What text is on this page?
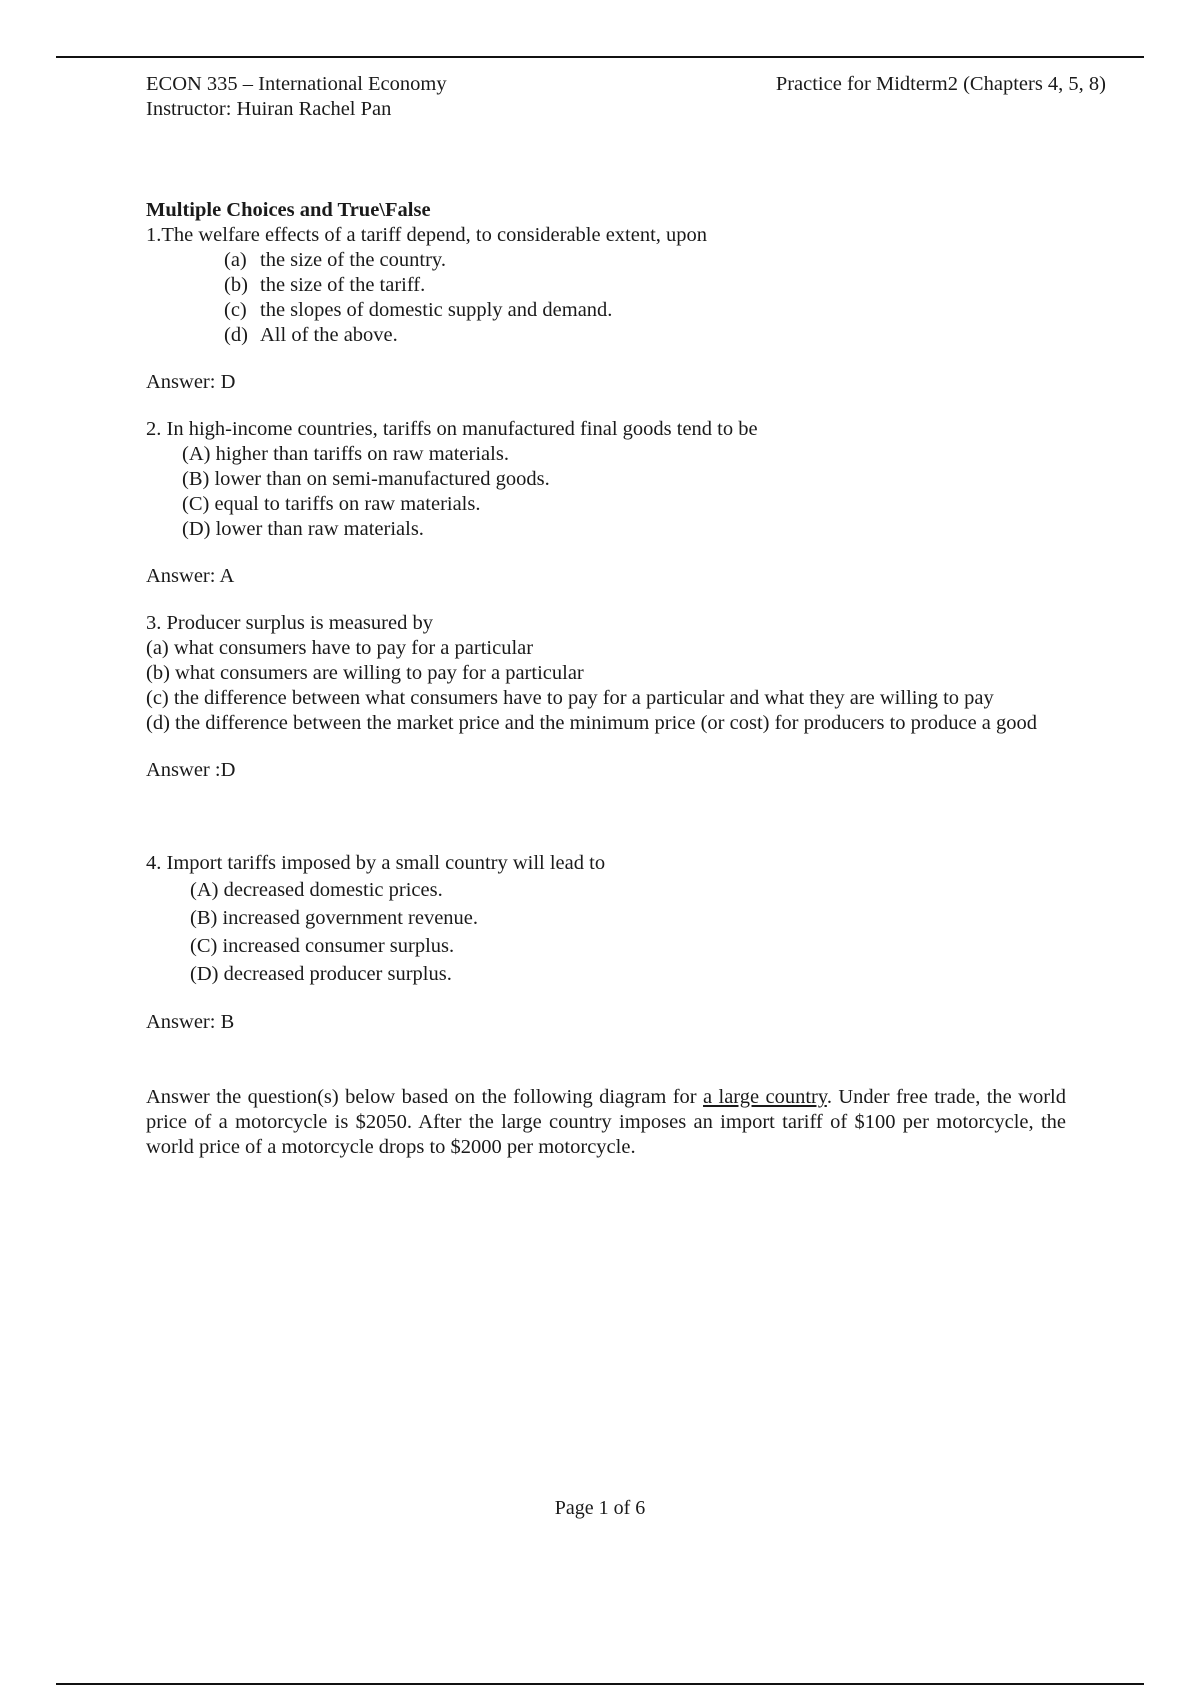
ECON 335 – International Economy
Instructor: Huiran Rachel Pan
Practice for Midterm2 (Chapters 4, 5, 8)
Multiple Choices and True\False
1.The welfare effects of a tariff depend, to considerable extent, upon
(a) the size of the country.
(b) the size of the tariff.
(c) the slopes of domestic supply and demand.
(d) All of the above.
Answer: D
2. In high-income countries, tariffs on manufactured final goods tend to be
(A) higher than tariffs on raw materials.
(B) lower than on semi-manufactured goods.
(C) equal to tariffs on raw materials.
(D) lower than raw materials.
Answer: A
3. Producer surplus is measured by
(a) what consumers have to pay for a particular
(b) what consumers are willing to pay for a particular
(c) the difference between what consumers have to pay for a particular and what they are willing to pay
(d) the difference between the market price and the minimum price (or cost) for producers to produce a good
Answer :D
4. Import tariffs imposed by a small country will lead to
(A) decreased domestic prices.
(B) increased government revenue.
(C) increased consumer surplus.
(D) decreased producer surplus.
Answer: B
Answer the question(s) below based on the following diagram for a large country. Under free trade, the world price of a motorcycle is $2050. After the large country imposes an import tariff of $100 per motorcycle, the world price of a motorcycle drops to $2000 per motorcycle.
Page 1 of 6
